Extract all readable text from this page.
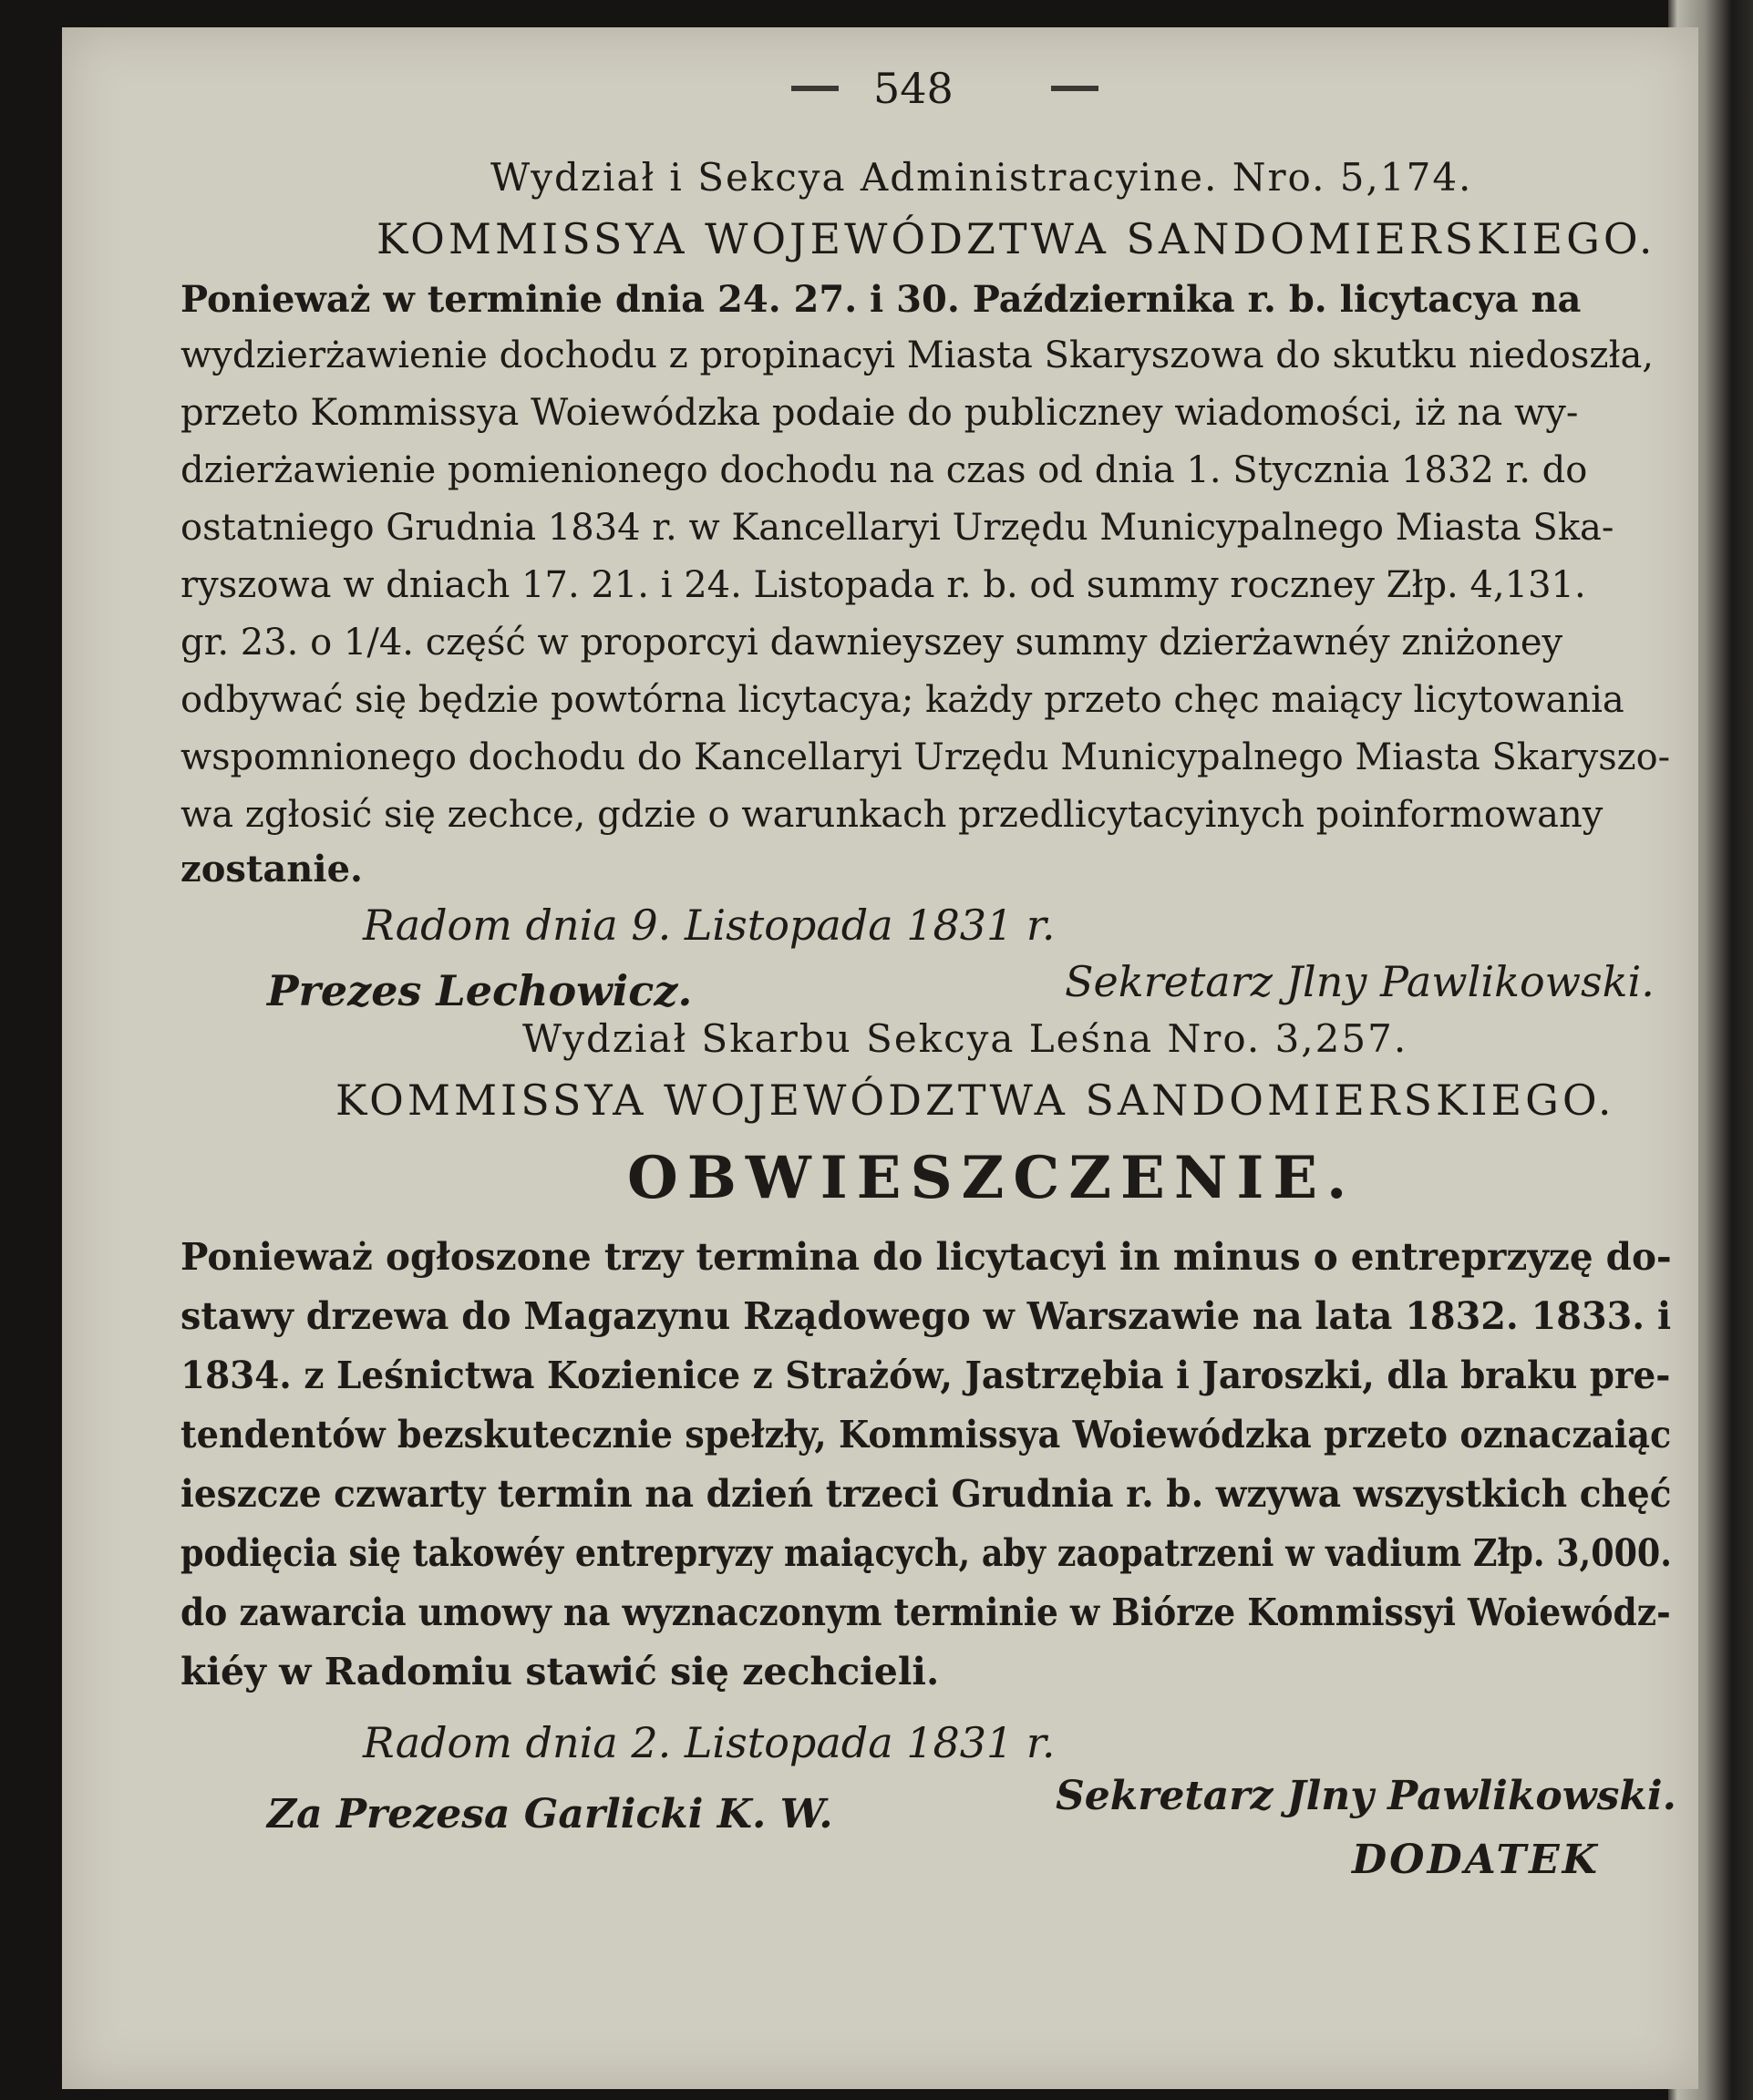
548
Wydział i Sekcya Administracyine. Nro. 5,174.
KOMMISSYA WOJEWÓDZTWA SANDOMIERSKIEGO.
Ponieważ w terminie dnia 24. 27. i 30. Października r. b. licytacya na
wydzierżawienie dochodu z propinacyi Miasta Skaryszowa do skutku niedoszła,
przeto Kommissya Woiewódzka podaie do publiczney wiadomości, iż na wy-
dzierżawienie pomienionego dochodu na czas od dnia 1. Stycznia 1832 r. do
ostatniego Grudnia 1834 r. w Kancellaryi Urzędu Municypalnego Miasta Ska-
ryszowa w dniach 17. 21. i 24. Listopada r. b. od summy roczney Złp. 4,131.
gr. 23. o 1/4. część w proporcyi dawnieyszey summy dzierżawnéy zniżoney
odbywać się będzie powtórna licytacya; każdy przeto chęc maiący licytowania
wspomnionego dochodu do Kancellaryi Urzędu Municypalnego Miasta Skaryszo-
wa zgłosić się zechce, gdzie o warunkach przedlicytacyinych poinformowany
zostanie.
Radom dnia 9. Listopada 1831 r.
Prezes Lechowicz.	Sekretarz Jlny Pawlikowski.
Wydział Skarbu Sekcya Leśna Nro. 3,257.
KOMMISSYA WOJEWÓDZTWA SANDOMIERSKIEGO.
OBWIESZCZENIE.
Ponieważ ogłoszone trzy termina do licytacyi in minus o entreprzyzę do-
stawy drzewa do Magazynu Rządowego w Warszawie na lata 1832. 1833. i
1834. z Leśnictwa Kozienice z Strażów, Jastrzębia i Jaroszki, dla braku pre-
tendentów bezskutecznie spełzły, Kommissya Woiewódzka przeto oznaczaiąc
ieszcze czwarty termin na dzień trzeci Grudnia r. b. wzywa wszystkich chęć
podięcia się takowéy entrepryzy maiących, aby zaopatrzeni w vadium Złp. 3,000.
do zawarcia umowy na wyznaczonym terminie w Biórze Kommissyi Woiewódz-
kiéy w Radomiu stawić się zechcieli.
Radom dnia 2. Listopada 1831 r.
Za Prezesa Garlicki K. W.	Sekretarz Jlny Pawlikowski.
DODATEK
